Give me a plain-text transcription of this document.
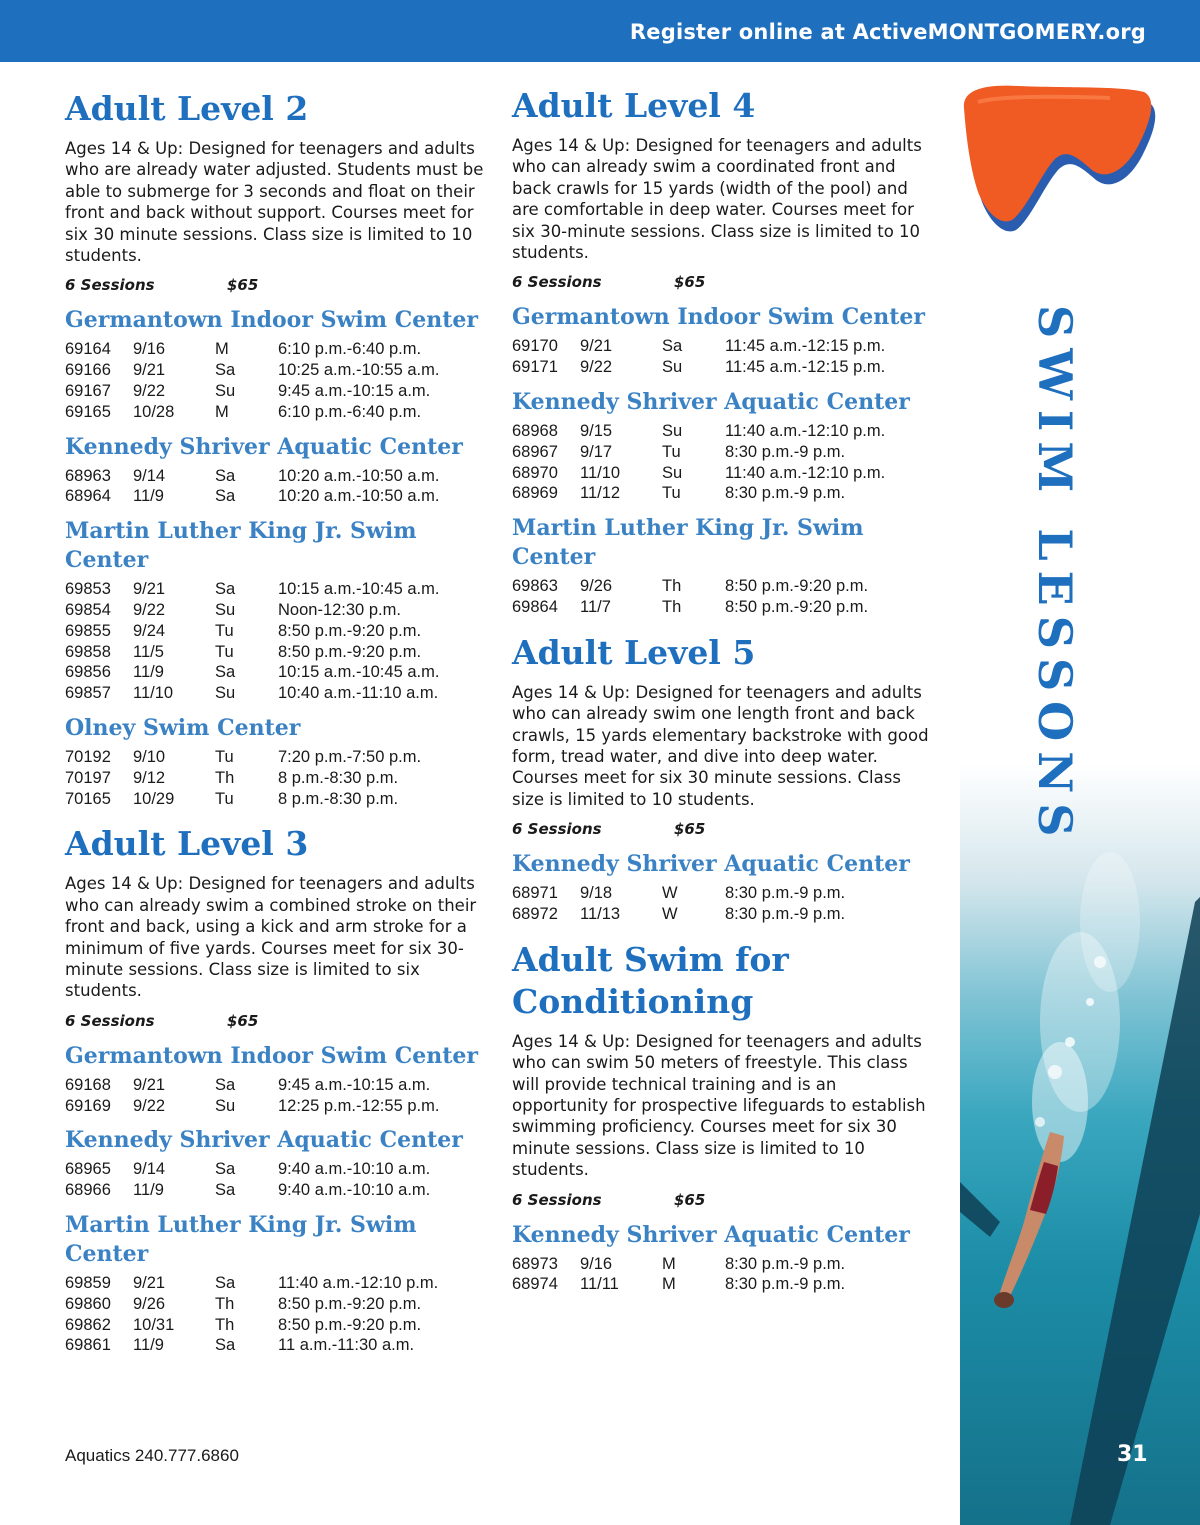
Register online at ActiveMONTGOMERY.org
Adult Level 2

Ages 14 & Up: Designed for teenagers and adults who are already water adjusted. Students must be able to submerge for 3 seconds and float on their front and back without support. Courses meet for six 30 minute sessions. Class size is limited to 10 students.

6 Sessions	$65
Germantown Indoor Swim Center
69164	9/16	M	6:10 p.m.-6:40 p.m.
69166	9/21	Sa	10:25 a.m.-10:55 a.m.
69167	9/22	Su	9:45 a.m.-10:15 a.m.
69165	10/28	M	6:10 p.m.-6:40 p.m.
Kennedy Shriver Aquatic Center
68963	9/14	Sa	10:20 a.m.-10:50 a.m.
68964	11/9	Sa	10:20 a.m.-10:50 a.m.
Martin Luther King Jr. Swim Center
69853	9/21	Sa	10:15 a.m.-10:45 a.m.
69854	9/22	Su	Noon-12:30 p.m.
69855	9/24	Tu	8:50 p.m.-9:20 p.m.
69858	11/5	Tu	8:50 p.m.-9:20 p.m.
69856	11/9	Sa	10:15 a.m.-10:45 a.m.
69857	11/10	Su	10:40 a.m.-11:10 a.m.
Olney Swim Center
70192	9/10	Tu	7:20 p.m.-7:50 p.m.
70197	9/12	Th	8 p.m.-8:30 p.m.
70165	10/29	Tu	8 p.m.-8:30 p.m.
Adult Level 3

Ages 14 & Up: Designed for teenagers and adults who can already swim a combined stroke on their front and back, using a kick and arm stroke for a minimum of five yards. Courses meet for six 30-minute sessions. Class size is limited to six students.

6 Sessions	$65
Germantown Indoor Swim Center
69168	9/21	Sa	9:45 a.m.-10:15 a.m.
69169	9/22	Su	12:25 p.m.-12:55 p.m.
Kennedy Shriver Aquatic Center
68965	9/14	Sa	9:40 a.m.-10:10 a.m.
68966	11/9	Sa	9:40 a.m.-10:10 a.m.
Martin Luther King Jr. Swim Center
69859	9/21	Sa	11:40 a.m.-12:10 p.m.
69860	9/26	Th	8:50 p.m.-9:20 p.m.
69862	10/31	Th	8:50 p.m.-9:20 p.m.
69861	11/9	Sa	11 a.m.-11:30 a.m.
Adult Level 4

Ages 14 & Up: Designed for teenagers and adults who can already swim a coordinated front and back crawls for 15 yards (width of the pool) and are comfortable in deep water. Courses meet for six 30-minute sessions. Class size is limited to 10 students.

6 Sessions	$65
Germantown Indoor Swim Center
69170	9/21	Sa	11:45 a.m.-12:15 p.m.
69171	9/22	Su	11:45 a.m.-12:15 p.m.
Kennedy Shriver Aquatic Center
68968	9/15	Su	11:40 a.m.-12:10 p.m.
68967	9/17	Tu	8:30 p.m.-9 p.m.
68970	11/10	Su	11:40 a.m.-12:10 p.m.
68969	11/12	Tu	8:30 p.m.-9 p.m.
Martin Luther King Jr. Swim Center
69863	9/26	Th	8:50 p.m.-9:20 p.m.
69864	11/7	Th	8:50 p.m.-9:20 p.m.
Adult Level 5

Ages 14 & Up: Designed for teenagers and adults who can already swim one length front and back crawls, 15 yards elementary backstroke with good form, tread water, and dive into deep water. Courses meet for six 30 minute sessions. Class size is limited to 10 students.

6 Sessions	$65
Kennedy Shriver Aquatic Center
68971	9/18	W	8:30 p.m.-9 p.m.
68972	11/13	W	8:30 p.m.-9 p.m.
Adult Swim for Conditioning

Ages 14 & Up: Designed for teenagers and adults who can swim 50 meters of freestyle. This class will provide technical training and is an opportunity for prospective lifeguards to establish swimming proficiency. Courses meet for six 30 minute sessions. Class size is limited to 10 students.

6 Sessions	$65
Kennedy Shriver Aquatic Center
68973	9/16	M	8:30 p.m.-9 p.m.
68974	11/11	M	8:30 p.m.-9 p.m.
SWIM LESSONS
Aquatics 240.777.6860	31
